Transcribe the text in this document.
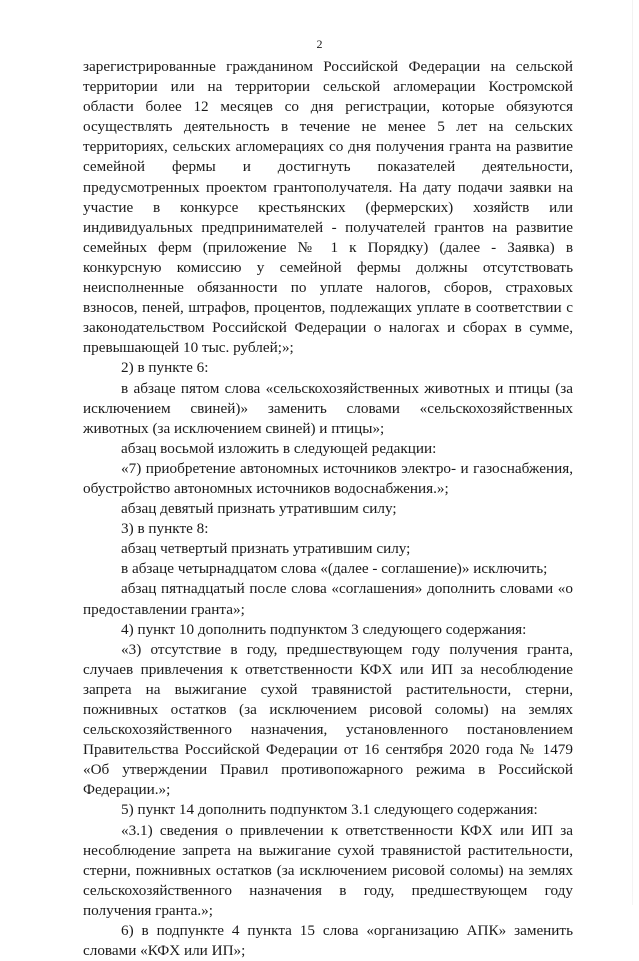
2
зарегистрированные гражданином Российской Федерации на сельской
территории или на территории сельской агломерации Костромской
области более 12 месяцев со дня регистрации, которые обязуются
осуществлять деятельность в течение не менее 5 лет на сельских
территориях, сельских агломерациях со дня получения гранта на развитие
семейной фермы и достигнуть показателей деятельности,
предусмотренных проектом грантополучателя. На дату подачи заявки на
участие в конкурсе крестьянских (фермерских) хозяйств или
индивидуальных предпринимателей - получателей грантов на развитие
семейных ферм (приложение № 1 к Порядку) (далее - Заявка) в
конкурсную комиссию у семейной фермы должны отсутствовать
неисполненные обязанности по уплате налогов, сборов, страховых
взносов, пеней, штрафов, процентов, подлежащих уплате в соответствии с
законодательством Российской Федерации о налогах и сборах в сумме,
превышающей 10 тыс. рублей;»;
2) в пункте 6:
в абзаце пятом слова «сельскохозяйственных животных и птицы (за
исключением свиней)» заменить словами «сельскохозяйственных
животных (за исключением свиней) и птицы»;
абзац восьмой изложить в следующей редакции:
«7) приобретение автономных источников электро- и газоснабжения,
обустройство автономных источников водоснабжения.»;
абзац девятый признать утратившим силу;
3) в пункте 8:
абзац четвертый признать утратившим силу;
в абзаце четырнадцатом слова «(далее - соглашение)» исключить;
абзац пятнадцатый после слова «соглашения» дополнить словами «о
предоставлении гранта»;
4) пункт 10 дополнить подпунктом 3 следующего содержания:
«3) отсутствие в году, предшествующем году получения гранта,
случаев привлечения к ответственности КФХ или ИП за несоблюдение
запрета на выжигание сухой травянистой растительности, стерни,
пожнивных остатков (за исключением рисовой соломы) на землях
сельскохозяйственного назначения, установленного постановлением
Правительства Российской Федерации от 16 сентября 2020 года № 1479
«Об утверждении Правил противопожарного режима в Российской
Федерации.»;
5) пункт 14 дополнить подпунктом 3.1 следующего содержания:
«3.1) сведения о привлечении к ответственности КФХ или ИП за
несоблюдение запрета на выжигание сухой травянистой растительности,
стерни, пожнивных остатков (за исключением рисовой соломы) на землях
сельскохозяйственного назначения в году, предшествующем году
получения гранта.»;
6) в подпункте 4 пункта 15 слова «организацию АПК» заменить
словами «КФХ или ИП»;
